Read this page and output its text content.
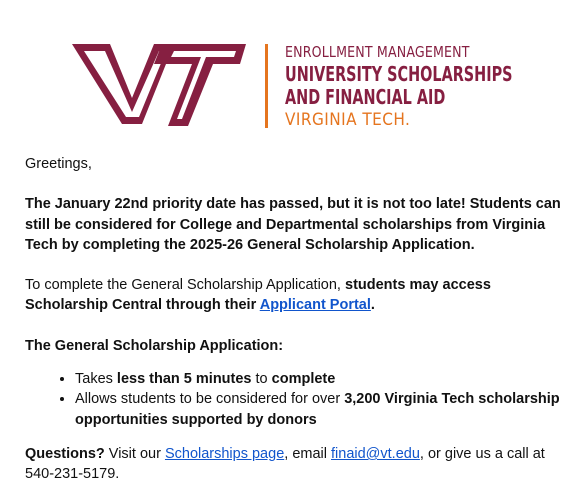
ENROLLMENT MANAGEMENT
UNIVERSITY SCHOLARSHIPS
AND FINANCIAL AID
VIRGINIA TECH.

Greetings,

The January 22nd priority date has passed, but it is not too late! Students can still be considered for College and Departmental scholarships from Virginia Tech by completing the 2025-26 General Scholarship Application.

To complete the General Scholarship Application, students may access Scholarship Central through their Applicant Portal.

The General Scholarship Application:

• Takes less than 5 minutes to complete
• Allows students to be considered for over 3,200 Virginia Tech scholarship opportunities supported by donors

Questions? Visit our Scholarships page, email finaid@vt.edu, or give us a call at 540-231-5179.
